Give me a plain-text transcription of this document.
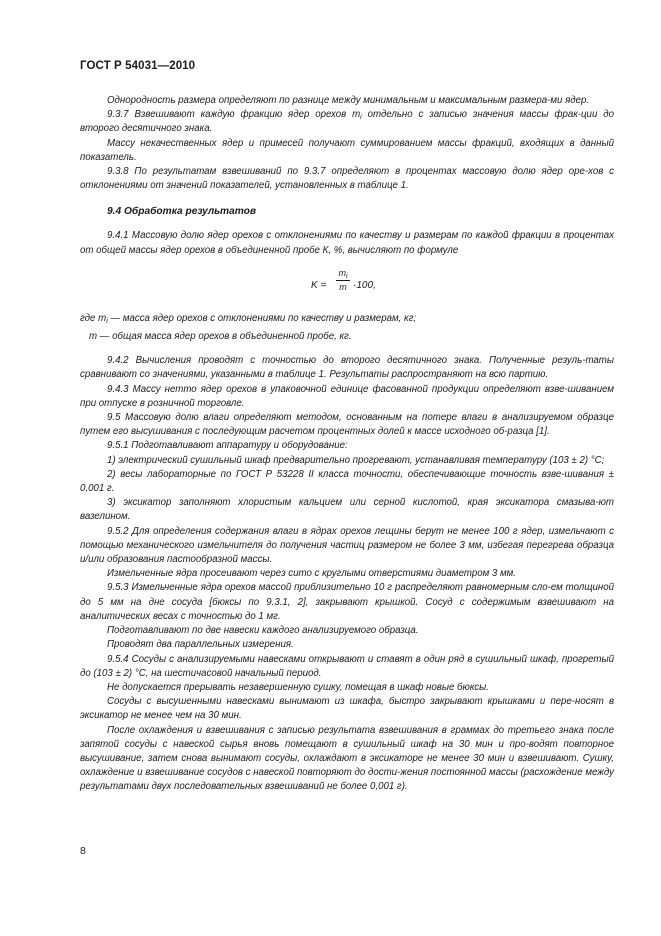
ГОСТ Р 54031—2010

Однородность размера определяют по разнице между минимальным и максимальным размера-ми ядер.

9.3.7 Взвешивают каждую фракцию ядер орехов $m_i$ отдельно с записью значения массы фрак-ции до второго десятичного знака.

Массу некачественных ядер и примесей получают суммированием массы фракций, входящих в данный показатель.

9.3.8 По результатам взвешиваний по 9.3.7 определяют в процентах массовую долю ядер оре-хов с отклонениями от значений показателей, установленных в таблице 1.

9.4 Обработка результатов

9.4.1 Массовую долю ядер орехов с отклонениями по качеству и размерам по каждой фракции в процентах от общей массы ядер орехов в объединенной пробе К, %, вычисляют по формуле

K =
$m_i$
m ·100,

где $m_i$ — масса ядер орехов с отклонениями по качеству и размерам, кг;

m — общая масса ядер орехов в объединенной пробе, кг.

9.4.2 Вычисления проводят с точностью до второго десятичного знака. Полученные резуль-таты сравнивают со значениями, указанными в таблице 1. Результаты распространяют на всю партию.

9.4.3 Массу нетто ядер орехов в упаковочной единице фасованной продукции определяют взве-шиванием при отпуске в розничной торговле.

9.5 Массовую долю влаги определяют методом, основанным на потере влаги в анализируемом образце путем его высушивания с последующим расчетом процентных долей к массе исходного об-разца [1].

9.5.1 Подготавливают аппаратуру и оборудование:

1) электрический сушильный шкаф предварительно прогревают, устанавливая температуру (103 ± 2) °С;

2) весы лабораторные по ГОСТ Р 53228 II класса точности, обеспечивающие точность взве-шивания ± 0,001 г.

3) эксикатор заполняют хлористым кальцием или серной кислотой, края эксикатора смазыва-ют вазелином.

9.5.2 Для определения содержания влаги в ядрах орехов лещины берут не менее 100 г ядер, измельчают с помощью механического измельчителя до получения частиц размером не более 3 мм, избегая перегрева образца и/или образования пастообразной массы.

Измельченные ядра просеивают через сито с круглыми отверстиями диаметром 3 мм.

9.5.3 Измельченные ядра орехов массой приблизительно 10 г распределяют равномерным сло-ем толщиной до 5 мм на дне сосуда [бюксы по 9.3.1, 2], закрывают крышкой. Сосуд с содержимым взвешивают на аналитических весах с точностью до 1 мг.

Подготавливают по две навески каждого анализируемого образца.

Проводят два параллельных измерения.

9.5.4 Сосуды с анализируемыми навесками открывают и ставят в один ряд в сушильный шкаф, прогретый до (103 ± 2) °С, на шестичасовой начальный период.

Не допускается прерывать незавершенную сушку, помещая в шкаф новые бюксы.

Сосуды с высушенными навесками вынимают из шкафа, быстро закрывают крышками и пере-носят в эксикатор не менее чем на 30 мин.

После охлаждения и взвешивания с записью результата взвешивания в граммах до третьего знака после запятой сосуды с навеской сырья вновь помещают в сушильный шкаф на 30 мин и про-водят повторное высушивание, затем снова вынимают сосуды, охлаждают в эксикаторе не менее 30 мин и взвешивают. Сушку, охлаждение и взвешивание сосудов с навеской повторяют до дости-жения постоянной массы (расхождение между результатами двух последовательных взвешиваний не более 0,001 г).

8
